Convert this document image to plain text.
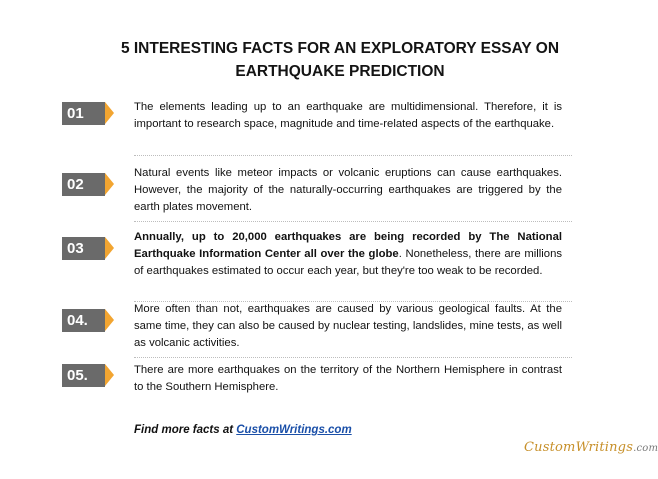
5 INTERESTING FACTS FOR AN EXPLORATORY ESSAY ON
EARTHQUAKE PREDICTION
01	The elements leading up to an earthquake are multidimensional. Therefore, it is important to research space, magnitude and time-related aspects of the earthquake.
02
Natural events like meteor impacts or volcanic eruptions can cause earthquakes. However, the majority of the naturally-occurring earthquakes are triggered by the earth plates movement.
03
Annually, up to 20,000 earthquakes are being recorded by The National Earthquake Information Center all over the globe. Nonetheless, there are millions of earthquakes estimated to occur each year, but they're too weak to be recorded.
04.
More often than not, earthquakes are caused by various geological faults. At the same time, they can also be caused by nuclear testing, landslides, mine tests, as well as volcanic activities.
05.	There are more earthquakes on the territory of the Northern Hemisphere in contrast to the Southern Hemisphere.
Find more facts at CustomWritings.com
CustomWritings.com
